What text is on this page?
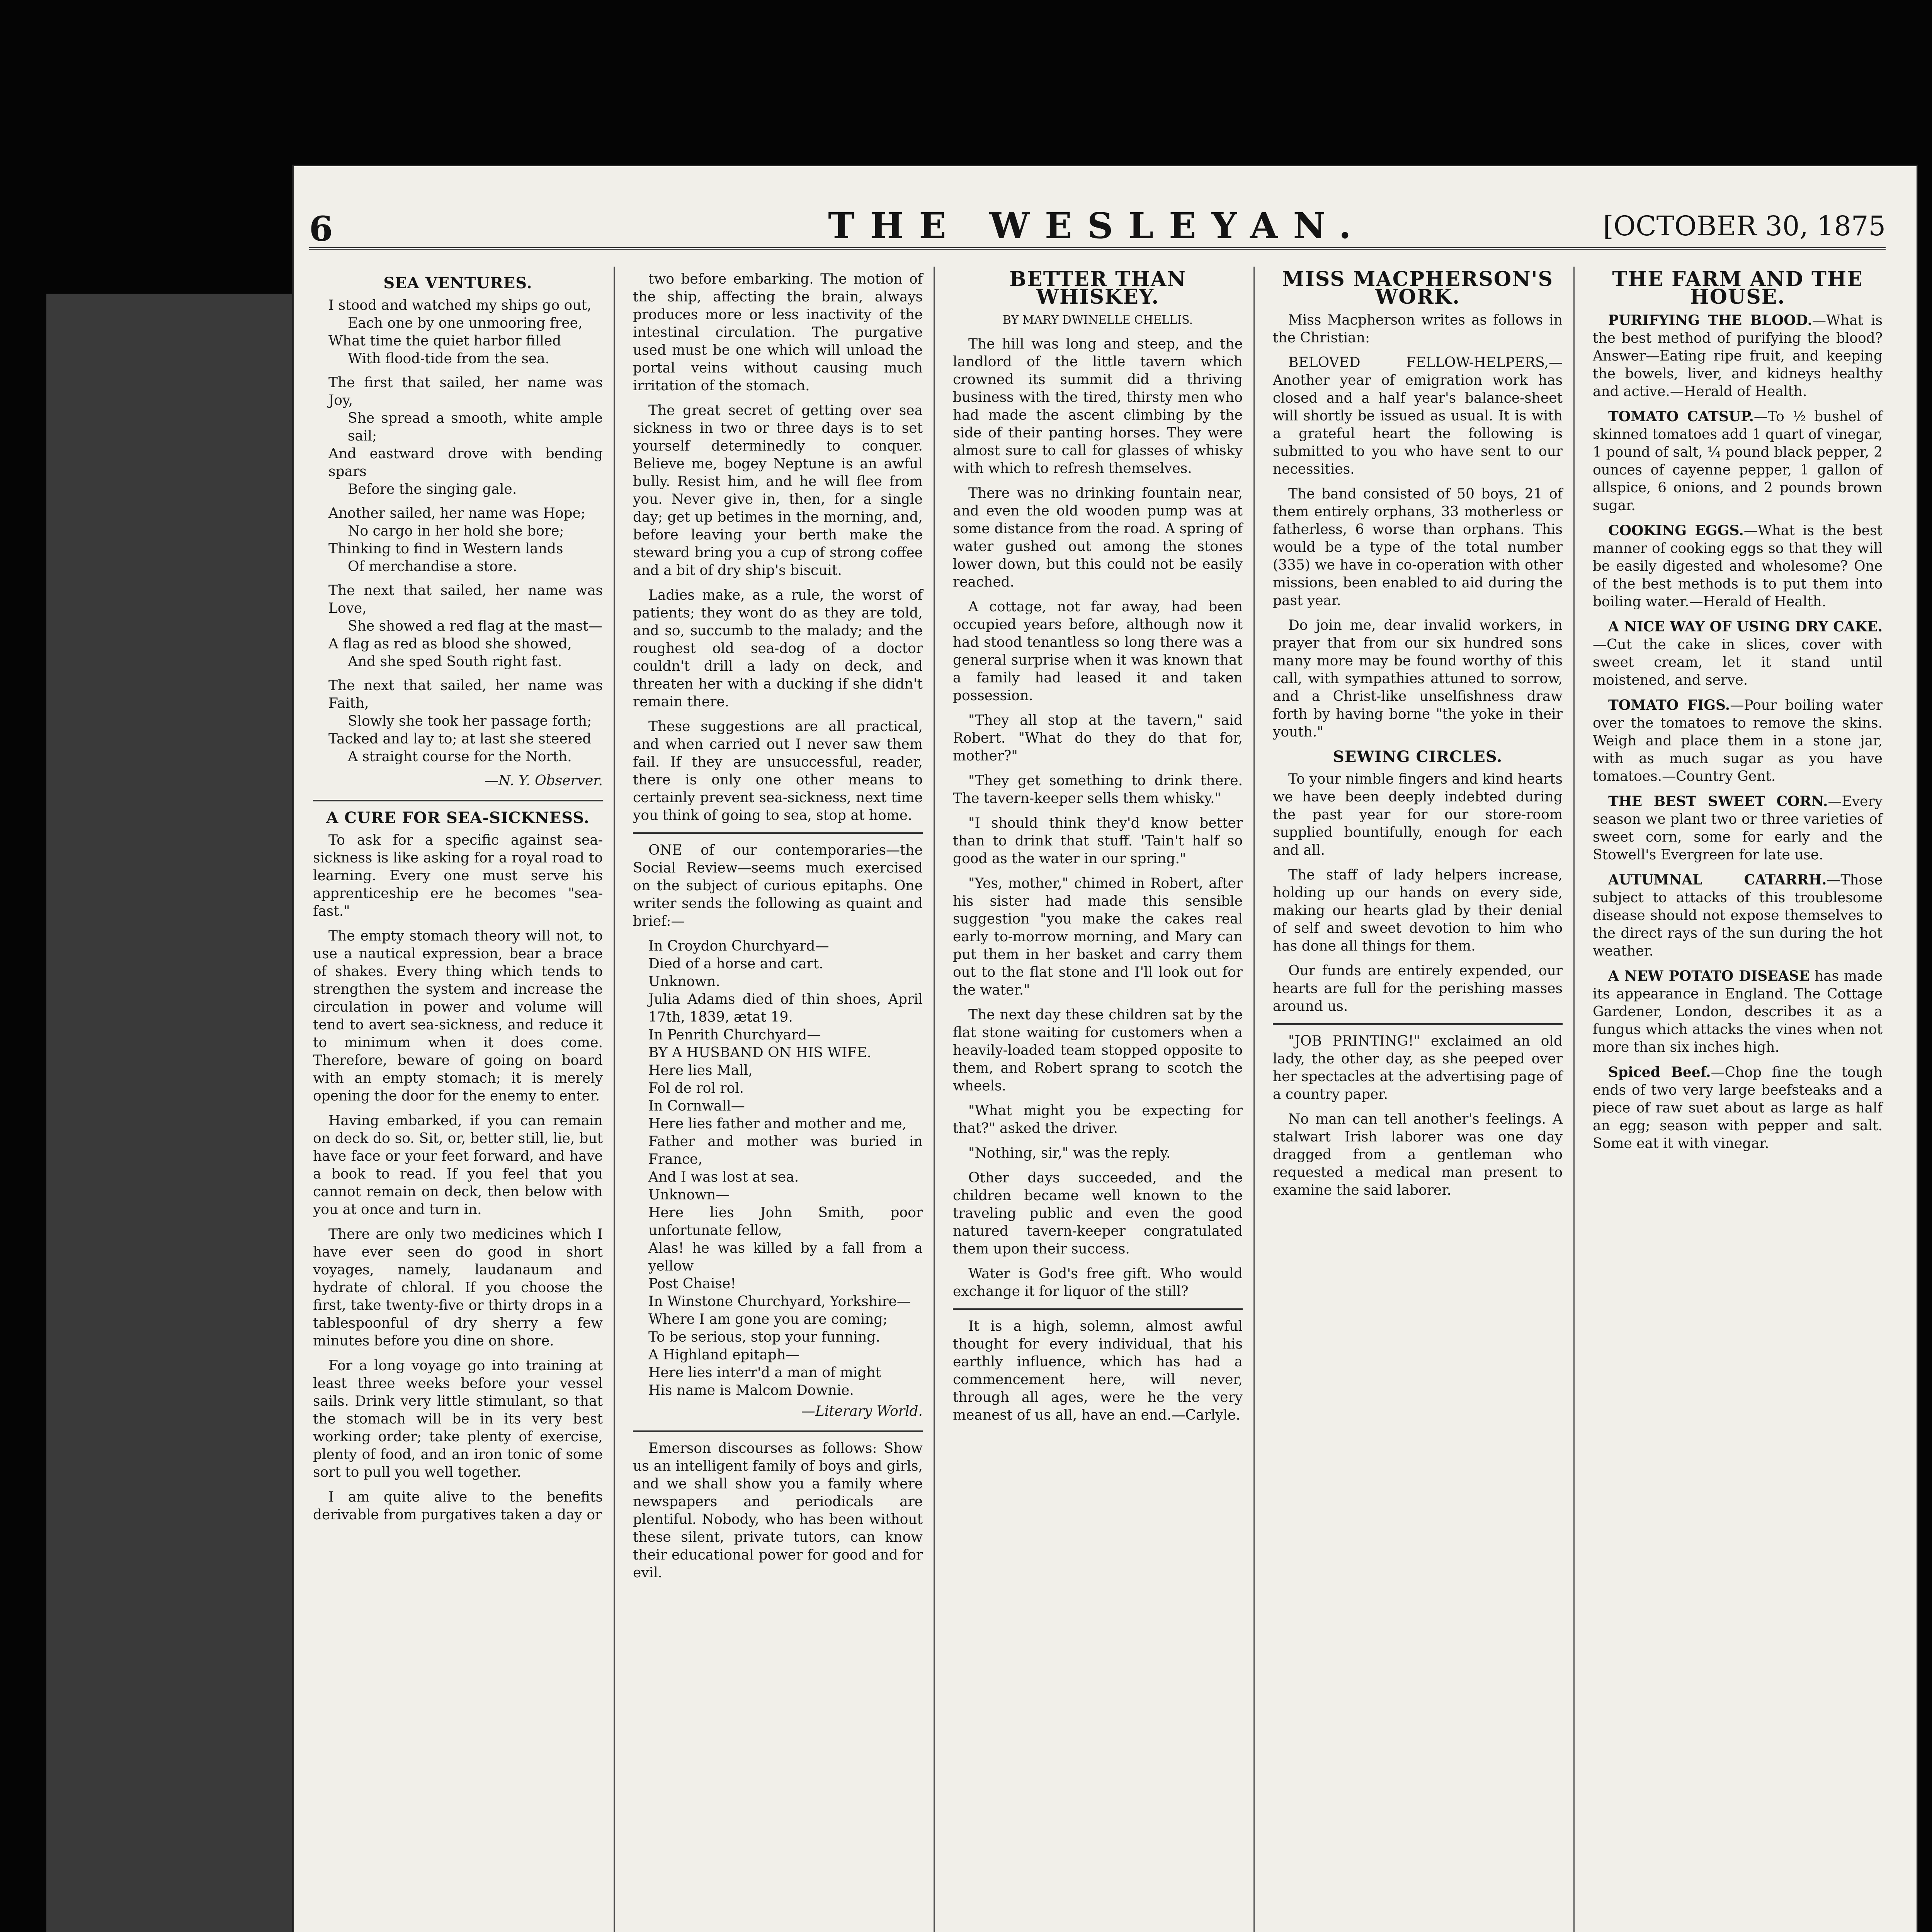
6	THE WESLEYAN.	[OCTOBER 30, 1875
SEA VENTURES.

I stood and watched my ships go out,

Each one by one unmooring free,

What time the quiet harbor filled

With flood-tide from the sea.

The first that sailed, her name was Joy,

She spread a smooth, white ample sail;

And eastward drove with bending spars

Before the singing gale.

Another sailed, her name was Hope;

No cargo in her hold she bore;

Thinking to find in Western lands

Of merchandise a store.

The next that sailed, her name was Love,

She showed a red flag at the mast—

A flag as red as blood she showed,

And she sped South right fast.

The next that sailed, her name was Faith,

Slowly she took her passage forth;

Tacked and lay to; at last she steered

A straight course for the North.

—N. Y. Observer.

A CURE FOR SEA-SICKNESS.

To ask for a specific against sea-sickness is like asking for a royal road to learning. Every one must serve his apprenticeship ere he becomes "sea-fast."

The empty stomach theory will not, to use a nautical expression, bear a brace of shakes. Every thing which tends to strengthen the system and increase the circulation in power and volume will tend to avert sea-sickness, and reduce it to minimum when it does come. Therefore, beware of going on board with an empty stomach; it is merely opening the door for the enemy to enter.

Having embarked, if you can remain on deck do so. Sit, or, better still, lie, but have face or your feet forward, and have a book to read. If you feel that you cannot remain on deck, then below with you at once and turn in.

There are only two medicines which I have ever seen do good in short voyages, namely, laudanaum and hydrate of chloral. If you choose the first, take twenty-five or thirty drops in a tablespoonful of dry sherry a few minutes before you dine on shore.

For a long voyage go into training at least three weeks before your vessel sails. Drink very little stimulant, so that the stomach will be in its very best working order; take plenty of exercise, plenty of food, and an iron tonic of some sort to pull you well together.

I am quite alive to the benefits derivable from purgatives taken a day or

two before embarking. The motion of the ship, affecting the brain, always produces more or less inactivity of the intestinal circulation. The purgative used must be one which will unload the portal veins without causing much irritation of the stomach.

The great secret of getting over sea sickness in two or three days is to set yourself determinedly to conquer. Believe me, bogey Neptune is an awful bully. Resist him, and he will flee from you. Never give in, then, for a single day; get up betimes in the morning, and, before leaving your berth make the steward bring you a cup of strong coffee and a bit of dry ship's biscuit.

Ladies make, as a rule, the worst of patients; they wont do as they are told, and so, succumb to the malady; and the roughest old sea-dog of a doctor couldn't drill a lady on deck, and threaten her with a ducking if she didn't remain there.

These suggestions are all practical, and when carried out I never saw them fail. If they are unsuccessful, reader, there is only one other means to certainly prevent sea-sickness, next time you think of going to sea, stop at home.

ONE of our contemporaries—the Social Review—seems much exercised on the subject of curious epitaphs. One writer sends the following as quaint and brief:—

In Croydon Churchyard—

Died of a horse and cart.

Unknown.

Julia Adams died of thin shoes, April 17th, 1839, ætat 19.

In Penrith Churchyard—

BY A HUSBAND ON HIS WIFE.

Here lies Mall,

Fol de rol rol.

In Cornwall—

Here lies father and mother and me,

Father and mother was buried in France,

And I was lost at sea.

Unknown—

Here lies John Smith, poor unfortunate fellow,

Alas! he was killed by a fall from a yellow

Post Chaise!

In Winstone Churchyard, Yorkshire—

Where I am gone you are coming;

To be serious, stop your funning.

A Highland epitaph—

Here lies interr'd a man of might

His name is Malcom Downie.

—Literary World.

Emerson discourses as follows: Show us an intelligent family of boys and girls, and we shall show you a family where newspapers and periodicals are plentiful. Nobody, who has been without these silent, private tutors, can know their educational power for good and for evil.

BETTER THAN WHISKEY.

BY MARY DWINELLE CHELLIS.

The hill was long and steep, and the landlord of the little tavern which crowned its summit did a thriving business with the tired, thirsty men who had made the ascent climbing by the side of their panting horses. They were almost sure to call for glasses of whisky with which to refresh themselves.

There was no drinking fountain near, and even the old wooden pump was at some distance from the road. A spring of water gushed out among the stones lower down, but this could not be easily reached.

A cottage, not far away, had been occupied years before, although now it had stood tenantless so long there was a general surprise when it was known that a family had leased it and taken possession.

"They all stop at the tavern," said Robert. "What do they do that for, mother?"

"They get something to drink there. The tavern-keeper sells them whisky."

"I should think they'd know better than to drink that stuff. 'Tain't half so good as the water in our spring."

"Yes, mother," chimed in Robert, after his sister had made this sensible suggestion "you make the cakes real early to-morrow morning, and Mary can put them in her basket and carry them out to the flat stone and I'll look out for the water."

The next day these children sat by the flat stone waiting for customers when a heavily-loaded team stopped opposite to them, and Robert sprang to scotch the wheels.

"What might you be expecting for that?" asked the driver.

"Nothing, sir," was the reply.

Other days succeeded, and the children became well known to the traveling public and even the good natured tavern-keeper congratulated them upon their success.

Water is God's free gift. Who would exchange it for liquor of the still?

It is a high, solemn, almost awful thought for every individual, that his earthly influence, which has had a commencement here, will never, through all ages, were he the very meanest of us all, have an end.—Carlyle.

MISS MACPHERSON'S WORK.

Miss Macpherson writes as follows in the Christian:

BELOVED FELLOW-HELPERS,—Another year of emigration work has closed and a half year's balance-sheet will shortly be issued as usual. It is with a grateful heart the following is submitted to you who have sent to our necessities.

The band consisted of 50 boys, 21 of them entirely orphans, 33 motherless or fatherless, 6 worse than orphans. This would be a type of the total number (335) we have in co-operation with other missions, been enabled to aid during the past year.

Do join me, dear invalid workers, in prayer that from our six hundred sons many more may be found worthy of this call, with sympathies attuned to sorrow, and a Christ-like unselfishness draw forth by having borne "the yoke in their youth."

SEWING CIRCLES.

To your nimble fingers and kind hearts we have been deeply indebted during the past year for our store-room supplied bountifully, enough for each and all.

The staff of lady helpers increase, holding up our hands on every side, making our hearts glad by their denial of self and sweet devotion to him who has done all things for them.

Our funds are entirely expended, our hearts are full for the perishing masses around us.

"JOB PRINTING!" exclaimed an old lady, the other day, as she peeped over her spectacles at the advertising page of a country paper.

No man can tell another's feelings. A stalwart Irish laborer was one day dragged from a gentleman who requested a medical man present to examine the said laborer.

THE FARM AND THE HOUSE.

PURIFYING THE BLOOD.—What is the best method of purifying the blood? Answer—Eating ripe fruit, and keeping the bowels, liver, and kidneys healthy and active.—Herald of Health.

TOMATO CATSUP.—To ½ bushel of skinned tomatoes add 1 quart of vinegar, 1 pound of salt, ¼ pound black pepper, 2 ounces of cayenne pepper, 1 gallon of allspice, 6 onions, and 2 pounds brown sugar.

COOKING EGGS.—What is the best manner of cooking eggs so that they will be easily digested and wholesome? One of the best methods is to put them into boiling water.—Herald of Health.

A NICE WAY OF USING DRY CAKE.—Cut the cake in slices, cover with sweet cream, let it stand until moistened, and serve.

TOMATO FIGS.—Pour boiling water over the tomatoes to remove the skins. Weigh and place them in a stone jar, with as much sugar as you have tomatoes.—Country Gent.

THE BEST SWEET CORN.—Every season we plant two or three varieties of sweet corn, some for early and the Stowell's Evergreen for late use.

AUTUMNAL CATARRH.—Those subject to attacks of this troublesome disease should not expose themselves to the direct rays of the sun during the hot weather.

A NEW POTATO DISEASE has made its appearance in England. The Cottage Gardener, London, describes it as a fungus which attacks the vines when not more than six inches high.

Spiced Beef.—Chop fine the tough ends of two very large beefsteaks and a piece of raw suet about as large as half an egg; season with pepper and salt. Some eat it with vinegar.
